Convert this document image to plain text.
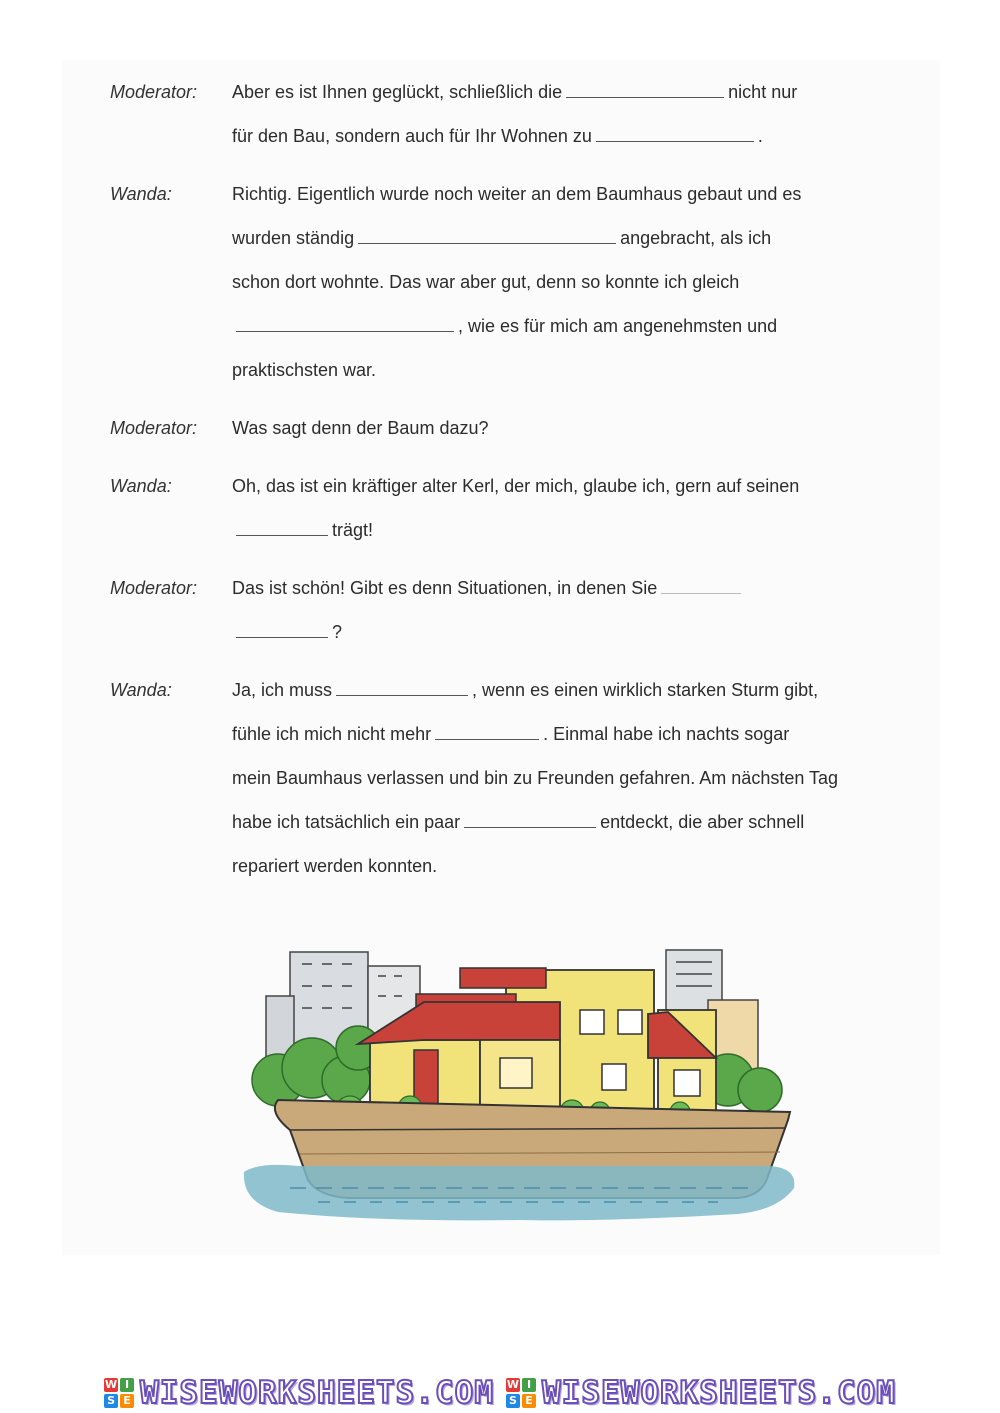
Moderator:	Aber es ist Ihnen geglückt, schließlich die	nicht nur
für den Bau, sondern auch für Ihr Wohnen zu	.
Wanda:	Richtig. Eigentlich wurde noch weiter an dem Baumhaus gebaut und es
wurden ständig	angebracht, als ich
schon dort wohnte. Das war aber gut, denn so konnte ich gleich
, wie es für mich am angenehmsten und
praktischsten war.
Moderator:	Was sagt denn der Baum dazu?
Wanda:	Oh, das ist ein kräftiger alter Kerl, der mich, glaube ich, gern auf seinen
trägt!
Moderator:	Das ist schön! Gibt es denn Situationen, in denen Sie
?
Wanda:	Ja, ich muss	, wenn es einen wirklich starken Sturm gibt,
fühle ich mich nicht mehr	. Einmal habe ich nachts sogar
mein Baumhaus verlassen und bin zu Freunden gefahren. Am nächsten Tag
habe ich tatsächlich ein paar	entdeckt, die aber schnell
repariert werden konnten.
W I
S E WISEWORKSHEETS.COM W I
S E WISEWORKSHEETS.COM
